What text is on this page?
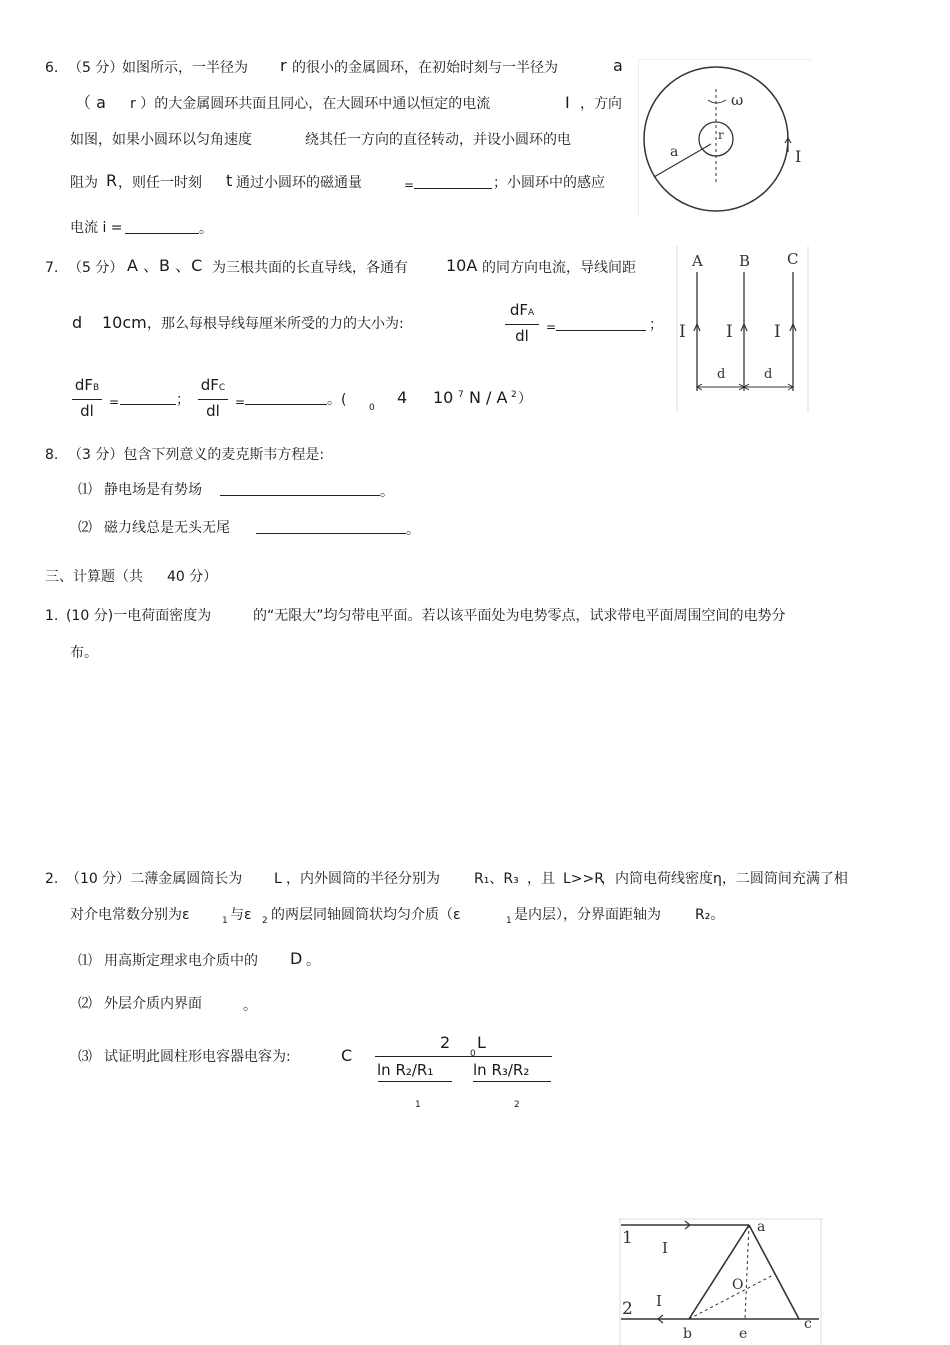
6. （5 分）
如图所示，一半径为 r 的很小的金属圆环，在初始时刻与一半径为	a
（ a r ）的大金属圆环共面且同心，在大圆环中通以恒定的电流	I ，方向
如图，如果小圆环以匀角速度	绕其任一方向的直径转动，并设小圆环的电
阻为 R ，则任一时刻 t 通过小圆环的磁通量	=	；小圆环中的感应
电流 i =	。
ω
r
a	I
7. （5 分） A 、B 、C 为三根共面的长直导线，各通有 10A 的同方向电流，导线间距
d 10cm ，那么每根导线每厘米所受的力的大小为:
dFA
dl	=	；
dFB
dl	=	；
dFC
dl	=	。(	0
4 10 7 N / A 2 ）
A B C
I I I
d	d
8. （3 分）包含下列意义的麦克斯韦方程是:
⑴ 静电场是有势场	。
⑵ 磁力线总是无头无尾	。
三、计算题（共 40 分）
1. (10 分)一电荷面密度为	的“无限大”均匀带电平面。若以该平面处为电势零点，试求带电平面周围空间的电势分
布。
2. （10 分）二薄金属圆筒长为 L ，内外圆筒的半径分别为 R₁、R₃ ，且 L>>R
，内筒电荷线密度η，二圆筒间充满了相
对介电常数分别为ε	1 与ε 2 的两层同轴圆筒状均匀介质（ε	1 是内层），分界面距轴为 R₂。
⑴ 用高斯定理求电介质中的 D 。
⑵ 外层介质内界面	。
⑶ 试证明此圆柱形电容器电容为:	C
2
0
L
ln R₂/R₁	ln R₃/R₂
1	2
1
2
I
I
a
O
b	e
c
